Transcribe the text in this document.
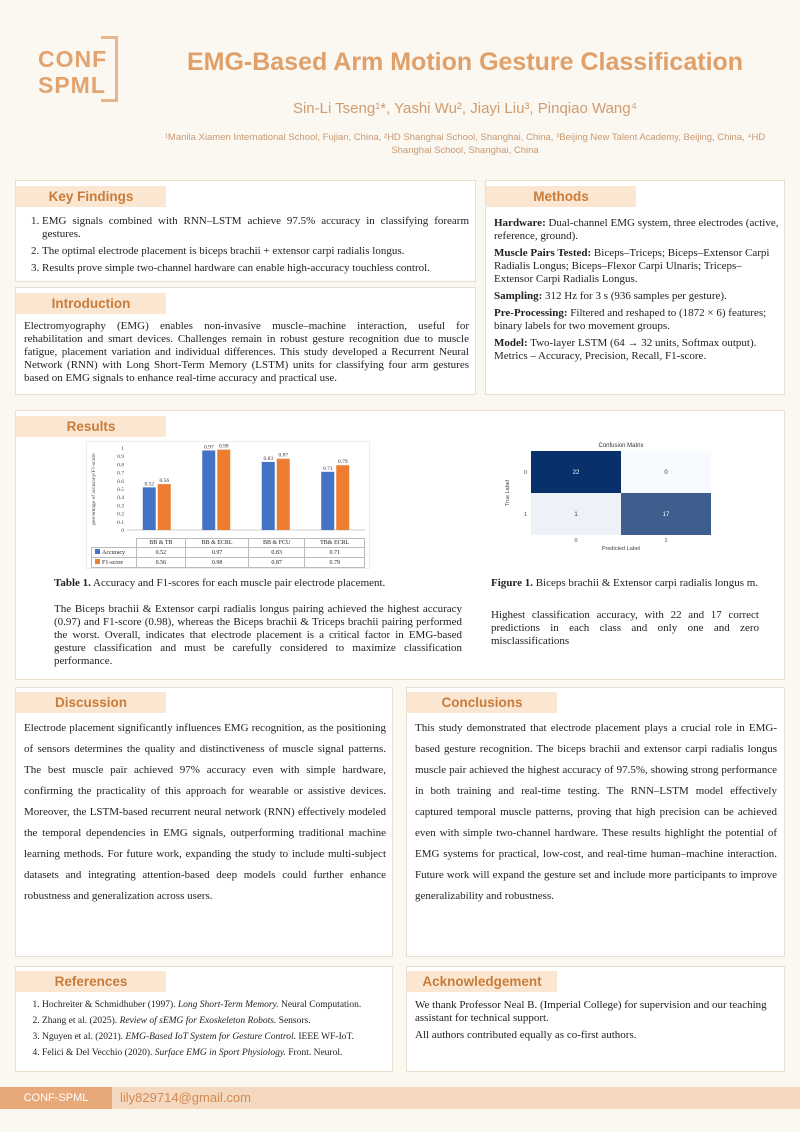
CONF
SPML
EMG-Based Arm Motion Gesture Classification
Sin-Li Tseng¹*, Yashi Wu², Jiayi Liu³, Pinqiao Wang⁴
¹Manila Xiamen International School, Fujian, China, ²HD Shanghai School, Shanghai, China, ³Beijing New Talent Academy, Beijing, China, ⁴HD Shanghai School, Shanghai, China
Key Findings
1. EMG signals combined with RNN–LSTM achieve 97.5% accuracy in classifying forearm gestures.
2. The optimal electrode placement is biceps brachii + extensor carpi radialis longus.
3. Results prove simple two-channel hardware can enable high-accuracy touchless control.
Introduction
Electromyography (EMG) enables non-invasive muscle–machine interaction, useful for rehabilitation and smart devices. Challenges remain in robust gesture recognition due to muscle fatigue, placement variation and individual differences. This study developed a Recurrent Neural Network (RNN) with Long Short-Term Memory (LSTM) units for classifying four arm gestures based on EMG signals to enhance real-time accuracy and practical use.
Methods
Hardware: Dual-channel EMG system, three electrodes (active, reference, ground).
Muscle Pairs Tested: Biceps–Triceps; Biceps–Extensor Carpi Radialis Longus; Biceps–Flexor Carpi Ulnaris; Triceps–Extensor Carpi Radialis Longus.
Sampling: 312 Hz for 3 s (936 samples per gesture).
Pre-Processing: Filtered and reshaped to (1872 × 6) features; binary labels for two movement groups.
Model: Two-layer LSTM (64 → 32 units, Softmax output). Metrics – Accuracy, Precision, Recall, F1-score.
Results
0
0.1
0.2
0.3
0.4
0.5
0.6
0.7
0.8
0.9
1
percentage of accuracy/F1-score	0.52
0.56
0.97 0.98
0.83
0.87
0.71
0.79
	BB & TB	BB & ECRL	BB & FCU	TB& ECRL
Accuracy	0.52	0.97	0.83	0.71
F1-score	0.56	0.98	0.87	0.79
Table 1. Accuracy and F1-scores for each muscle pair electrode placement.
The Biceps brachii & Extensor carpi radialis longus pairing achieved the highest accuracy (0.97) and F1-score (0.98), whereas the Biceps brachii & Triceps brachii pairing performed the worst. Overall, indicates that electrode placement is a critical factor in EMG-based gesture classification and must be carefully considered to maximize classification performance.
Confusion Matrix
22	0
1	17
0	1
0
1
Predicted Label
True Label
Figure 1. Biceps brachii & Extensor carpi radialis longus m.
Highest classification accuracy, with 22 and 17 correct predictions in each class and only one and zero misclassifications
Discussion
Electrode placement significantly influences EMG recognition, as the positioning of sensors determines the quality and distinctiveness of muscle signal patterns. The best muscle pair achieved 97% accuracy even with simple hardware, confirming the practicality of this approach for wearable or assistive devices. Moreover, the LSTM-based recurrent neural network (RNN) effectively modeled the temporal dependencies in EMG signals, outperforming traditional machine learning methods. For future work, expanding the study to include multi-subject datasets and integrating attention-based deep models could further enhance robustness and generalization across users.
Conclusions
This study demonstrated that electrode placement plays a crucial role in EMG-based gesture recognition. The biceps brachii and extensor carpi radialis longus muscle pair achieved the highest accuracy of 97.5%, showing strong performance in both training and real-time testing. The RNN–LSTM model effectively captured temporal muscle patterns, proving that high precision can be achieved even with simple two-channel hardware. These results highlight the potential of EMG systems for practical, low-cost, and real-time human–machine interaction. Future work will expand the gesture set and include more participants to improve generalizability and robustness.
References
1. Hochreiter & Schmidhuber (1997). Long Short-Term Memory. Neural Computation.
2. Zhang et al. (2025). Review of sEMG for Exoskeleton Robots. Sensors.
3. Nguyen et al. (2021). EMG-Based IoT System for Gesture Control. IEEE WF-IoT.
4. Felici & Del Vecchio (2020). Surface EMG in Sport Physiology. Front. Neurol.
Acknowledgement
We thank Professor Neal B. (Imperial College) for supervision and our teaching assistant for technical support.
All authors contributed equally as co-first authors.
CONF-SPML	lily829714@gmail.com
